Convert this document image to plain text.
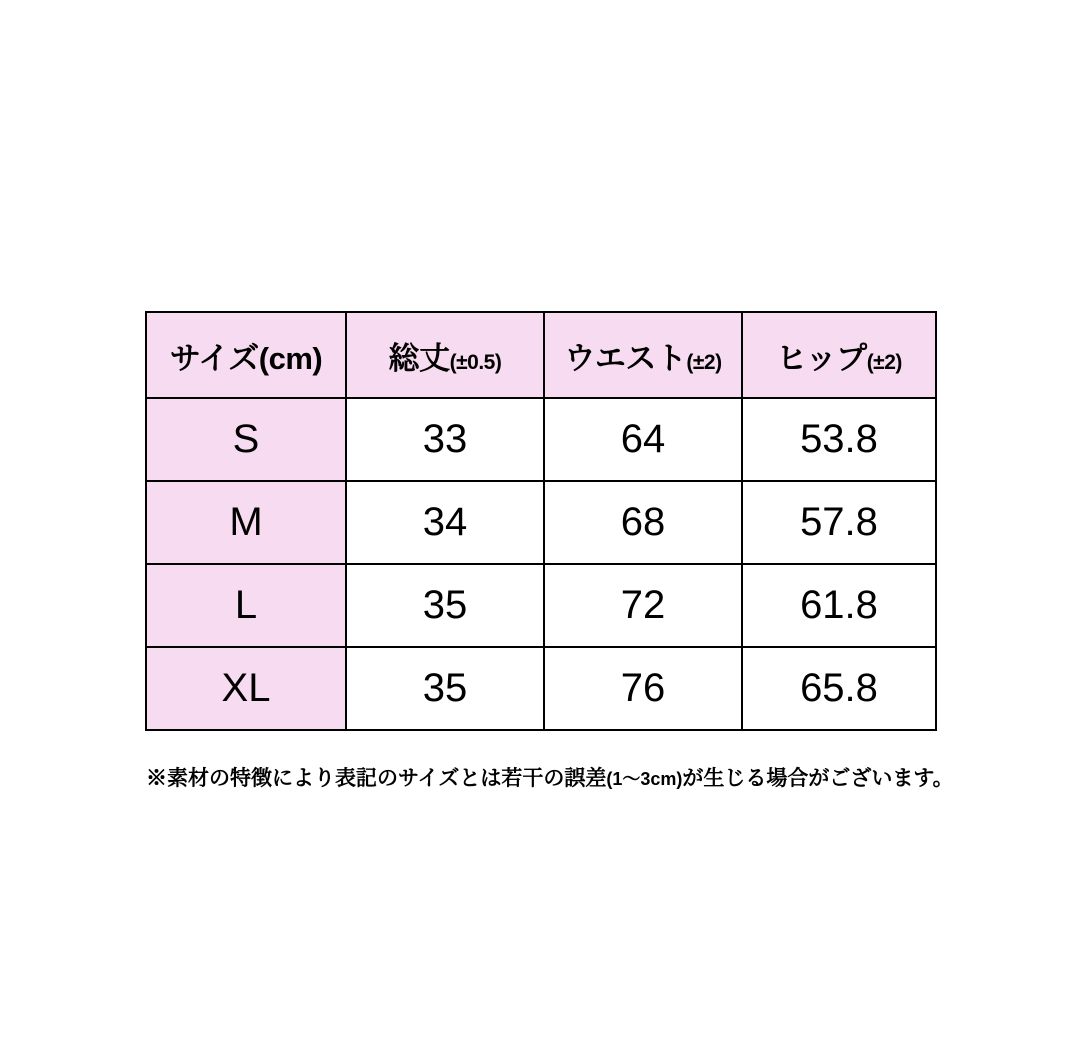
サイズ(cm)	総丈(±0.5)	ウエスト(±2)	ヒップ(±2)
S	33	64	53.8
M	34	68	57.8
L	35	72	61.8
XL	35	76	65.8
※素材の特徴により表記のサイズとは若干の誤差(1〜3cm)が生じる場合がございます。
